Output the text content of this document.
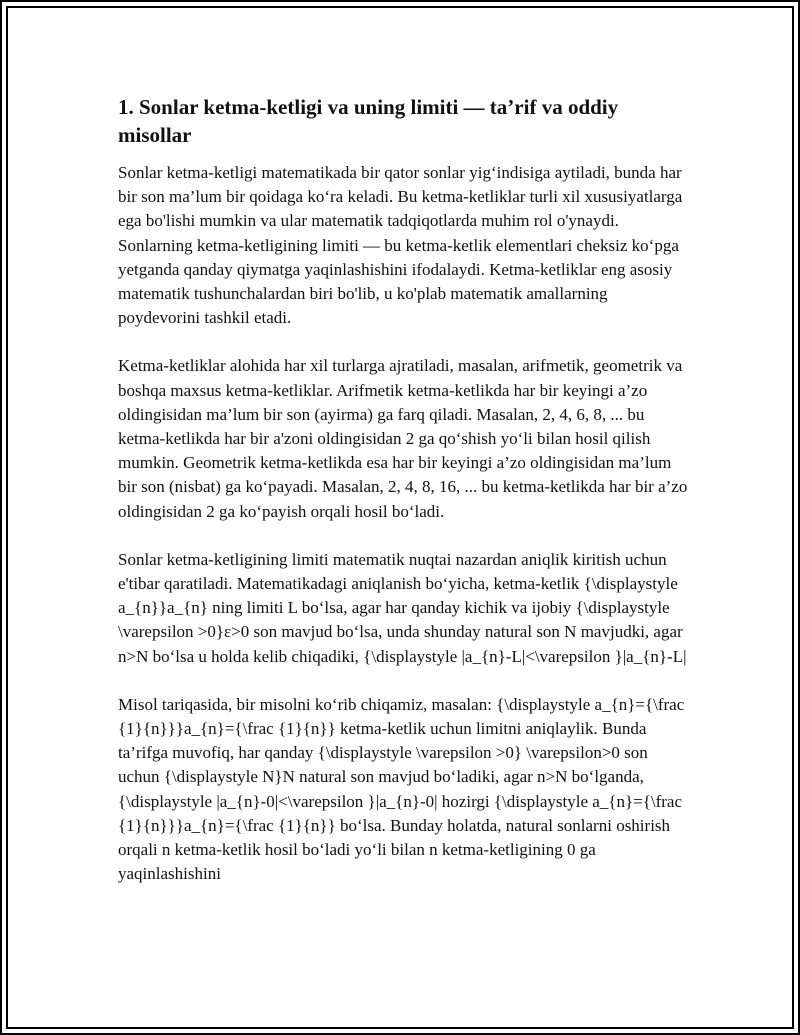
1. Sonlar ketma-ketligi va uning limiti — ta’rif va oddiy misollar

Sonlar ketma-ketligi matematikada bir qator sonlar yig‘indisiga aytiladi, bunda har bir son ma’lum bir qoidaga ko‘ra keladi. Bu ketma-ketliklar turli xil xususiyatlarga ega bo'lishi mumkin va ular matematik tadqiqotlarda muhim rol o'ynaydi. Sonlarning ketma-ketligining limiti — bu ketma-ketlik elementlari cheksiz ko‘pga yetganda qanday qiymatga yaqinlashishini ifodalaydi. Ketma-ketliklar eng asosiy matematik tushunchalardan biri bo'lib, u ko'plab matematik amallarning poydevorini tashkil etadi.

Ketma-ketliklar alohida har xil turlarga ajratiladi, masalan, arifmetik, geometrik va boshqa maxsus ketma-ketliklar. Arifmetik ketma-ketlikda har bir keyingi a’zo oldingisidan ma’lum bir son (ayirma) ga farq qiladi. Masalan, 2, 4, 6, 8, ... bu ketma-ketlikda har bir a'zoni oldingisidan 2 ga qo‘shish yo‘li bilan hosil qilish mumkin. Geometrik ketma-ketlikda esa har bir keyingi a’zo oldingisidan ma’lum bir son (nisbat) ga ko‘payadi. Masalan, 2, 4, 8, 16, ... bu ketma-ketlikda har bir a’zo oldingisidan 2 ga ko‘payish orqali hosil bo‘ladi.

Sonlar ketma-ketligining limiti matematik nuqtai nazardan aniqlik kiritish uchun e'tibar qaratiladi. Matematikadagi aniqlanish bo‘yicha, ketma-ketlik {\displaystyle a_{n}}a_{n} ning limiti L bo‘lsa, agar har qanday kichik va ijobiy {\displaystyle \varepsilon >0}ε>0 son mavjud bo‘lsa, unda shunday natural son N mavjudki, agar n>N bo‘lsa u holda kelib chiqadiki, {\displaystyle |a_{n}-L|<\varepsilon }|a_{n}-L|

Misol tariqasida, bir misolni ko‘rib chiqamiz, masalan: {\displaystyle a_{n}={\frac {1}{n}}}a_{n}={\frac {1}{n}} ketma-ketlik uchun limitni aniqlaylik. Bunda ta’rifga muvofiq, har qanday {\displaystyle \varepsilon >0} \varepsilon>0 son uchun {\displaystyle N}N natural son mavjud bo‘ladiki, agar n>N bo‘lganda, {\displaystyle |a_{n}-0|<\varepsilon }|a_{n}-0| hozirgi {\displaystyle a_{n}={\frac {1}{n}}}a_{n}={\frac {1}{n}} bo‘lsa. Bunday holatda, natural sonlarni oshirish orqali n ketma-ketlik hosil bo‘ladi yo‘li bilan n ketma-ketligining 0 ga yaqinlashishini
